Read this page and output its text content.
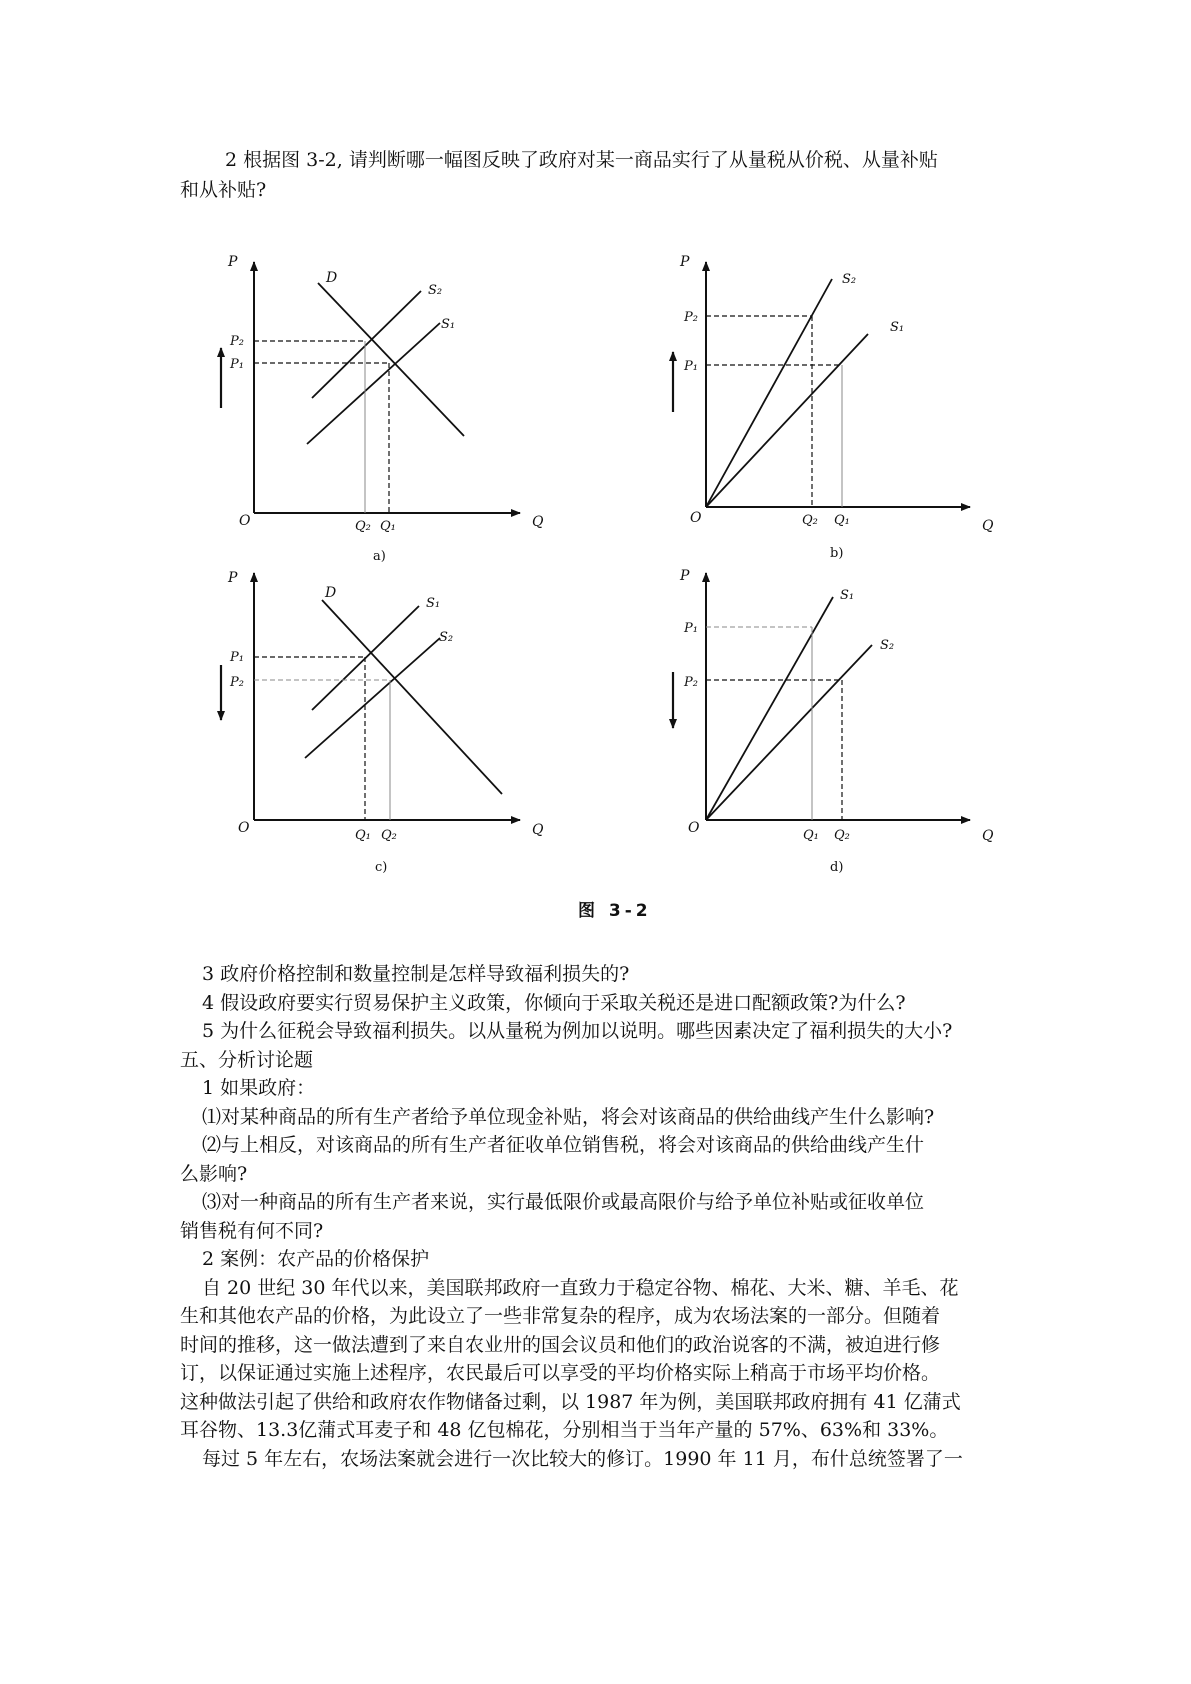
2 根据图 3-2, 请判断哪一幅图反映了政府对某一商品实行了从量税从价税、从量补贴
和从补贴?
P
Q
O
D
S₂
S₁
P₂
P₁
Q₂ Q₁
a)
P
Q
O
S₂
S₁
P₂
P₁
Q₂ Q₁
b)
P
Q
O
D
S₁
S₂
P₁
P₂
Q₁ Q₂
c)
P
Q
O
S₁
S₂
P₁
P₂
Q₁ Q₂
d)
图 3-2
3 政府价格控制和数量控制是怎样导致福利损失的?
4 假设政府要实行贸易保护主义政策，你倾向于采取关税还是进口配额政策?为什么?
5 为什么征税会导致福利损失。以从量税为例加以说明。哪些因素决定了福利损失的大小?
五、分析讨论题
1 如果政府：
⑴对某种商品的所有生产者给予单位现金补贴，将会对该商品的供给曲线产生什么影响?
⑵与上相反，对该商品的所有生产者征收单位销售税，将会对该商品的供给曲线产生什
么影响?
⑶对一种商品的所有生产者来说，实行最低限价或最高限价与给予单位补贴或征收单位
销售税有何不同?
2 案例：农产品的价格保护
自 20 世纪 30 年代以来，美国联邦政府一直致力于稳定谷物、棉花、大米、糖、羊毛、花
生和其他农产品的价格，为此设立了一些非常复杂的程序，成为农场法案的一部分。但随着
时间的推移，这一做法遭到了来自农业卅的国会议员和他们的政治说客的不满，被迫进行修
订，以保证通过实施上述程序，农民最后可以享受的平均价格实际上稍高于市场平均价格。
这种做法引起了供给和政府农作物储备过剩，以 1987 年为例，美国联邦政府拥有 41 亿蒲式
耳谷物、13.3亿蒲式耳麦子和 48 亿包棉花，分别相当于当年产量的 57%、63%和 33%。
每过 5 年左右，农场法案就会进行一次比较大的修订。1990 年 11 月，布什总统签署了一
